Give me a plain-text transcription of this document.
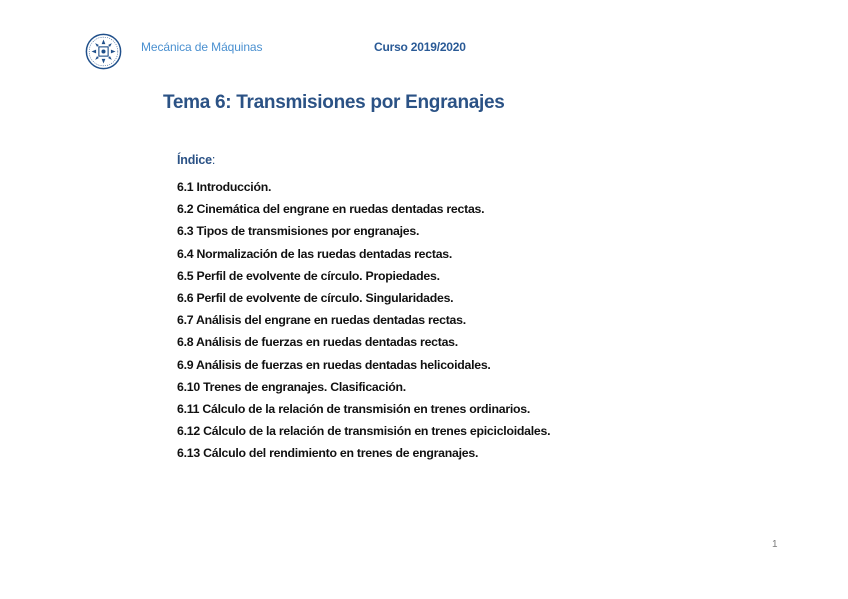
Mecánica de Máquinas	Curso 2019/2020
Tema 6: Transmisiones por Engranajes
Índice:
6.1 Introducción.
6.2 Cinemática del engrane en ruedas dentadas rectas.
6.3 Tipos de transmisiones por engranajes.
6.4 Normalización de las ruedas dentadas rectas.
6.5 Perfil de evolvente de círculo. Propiedades.
6.6 Perfil de evolvente de círculo. Singularidades.
6.7 Análisis del engrane en ruedas dentadas rectas.
6.8 Análisis de fuerzas en ruedas dentadas rectas.
6.9 Análisis de fuerzas en ruedas dentadas helicoidales.
6.10 Trenes de engranajes. Clasificación.
6.11 Cálculo de la relación de transmisión en trenes ordinarios.
6.12 Cálculo de la relación de transmisión en trenes epicicloidales.
6.13 Cálculo del rendimiento en trenes de engranajes.
1
